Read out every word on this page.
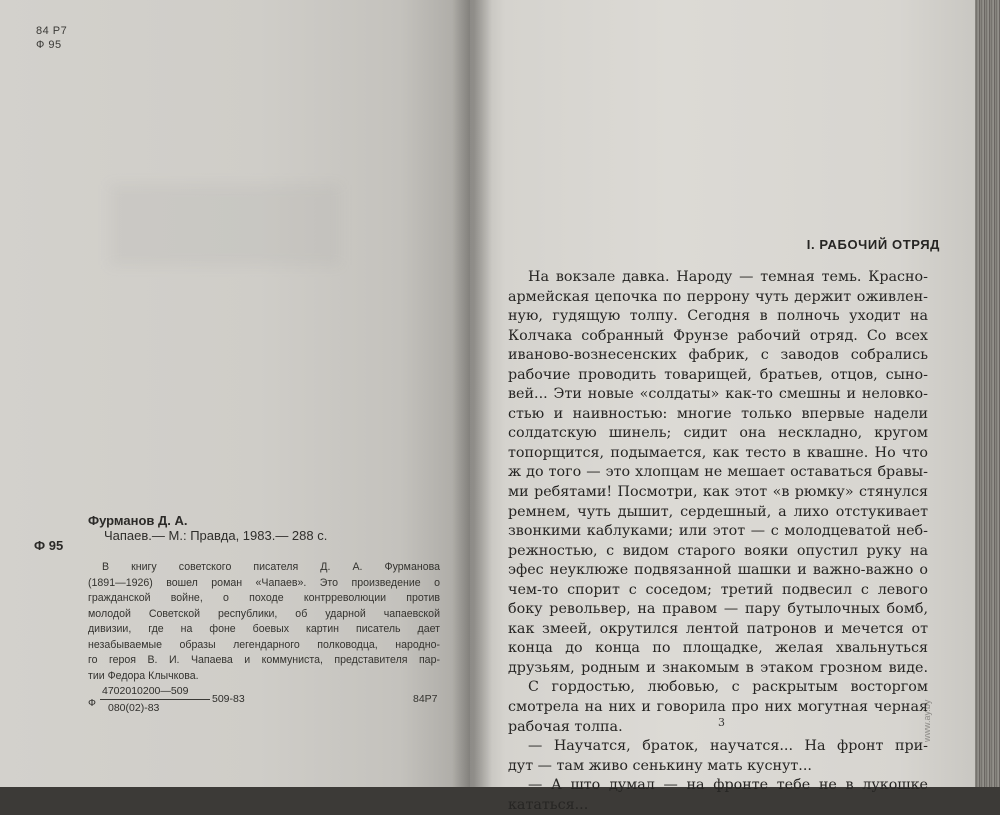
84 Р7
Ф 95
Фурманов Д. А.
Ф 95
Чапаев.— М.: Правда, 1983.— 288 с.
В книгу советского писателя Д. А. Фурманова
(1891—1926) вошел роман «Чапаев». Это произведение о
гражданской войне, о походе контрреволюции против
молодой Советской республики, об ударной чапаевской
дивизии, где на фоне боевых картин писатель дает
незабываемые образы легендарного полководца, народно-
го героя В. И. Чапаева и коммуниста, представителя пар-
тии Федора Клычкова.
Ф
4702010200—509
080(02)-83
509-83	84Р7
I. РАБОЧИЙ ОТРЯД
На вокзале давка. Народу — темная темь. Красно-
армейская цепочка по перрону чуть держит оживлен-
ную, гудящую толпу. Сегодня в полночь уходит на
Колчака собранный Фрунзе рабочий отряд. Со всех
иваново-вознесенских фабрик, с заводов собрались
рабочие проводить товарищей, братьев, отцов, сыно-
вей... Эти новые «солдаты» как-то смешны и неловко-
стью и наивностью: многие только впервые надели
солдатскую шинель; сидит она нескладно, кругом
топорщится, подымается, как тесто в квашне. Но что
ж до того — это хлопцам не мешает оставаться бравы-
ми ребятами! Посмотри, как этот «в рюмку» стянулся
ремнем, чуть дышит, сердешный, а лихо отстукивает
звонкими каблуками; или этот — с молодцеватой неб-
режностью, с видом старого вояки опустил руку на
эфес неуклюже подвязанной шашки и важно-важно о
чем-то спорит с соседом; третий подвесил с левого
боку револьвер, на правом — пару бутылочных бомб,
как змеей, окрутился лентой патронов и мечется от
конца до конца по площадке, желая хвальнуться
друзьям, родным и знакомым в этаком грозном виде.
С гордостью, любовью, с раскрытым восторгом
смотрела на них и говорила про них могутная черная
рабочая толпа.
— Научатся, браток, научатся... На фронт при-
дут — там живо сенькину мать куснут...
— А што думал — на фронте тебе не в лукошке
кататься...
3	www.ay.by
